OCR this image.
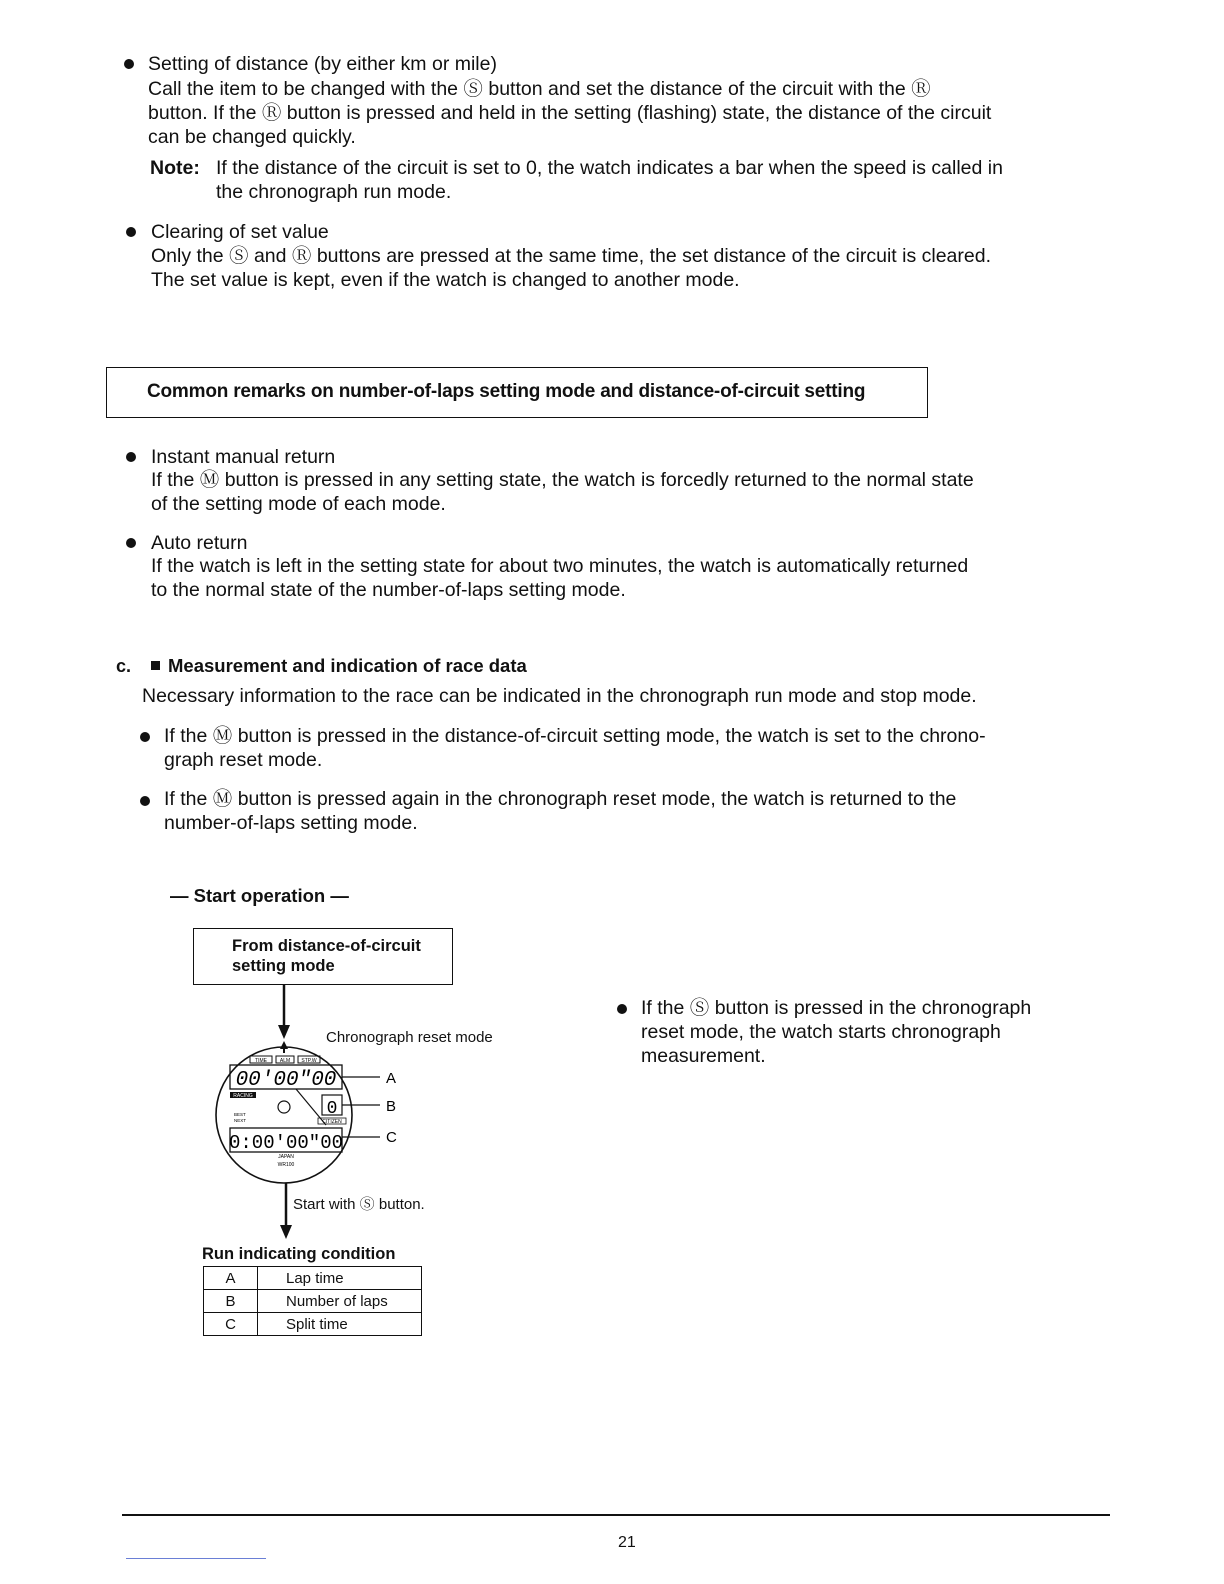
Setting of distance (by either km or mile)
Call the item to be changed with the Ⓢ button and set the distance of the circuit with the Ⓡ
button. If the Ⓡ button is pressed and held in the setting (flashing) state, the distance of the circuit
can be changed quickly.
Note: If the distance of the circuit is set to 0, the watch indicates a bar when the speed is called in
the chronograph run mode.
Clearing of set value
Only the Ⓢ and Ⓡ buttons are pressed at the same time, the set distance of the circuit is cleared.
The set value is kept, even if the watch is changed to another mode.
Common remarks on number-of-laps setting mode and distance-of-circuit setting
Instant manual return
If the Ⓜ button is pressed in any setting state, the watch is forcedly returned to the normal state
of the setting mode of each mode.
Auto return
If the watch is left in the setting state for about two minutes, the watch is automatically returned
to the normal state of the number-of-laps setting mode.
c. Measurement and indication of race data
Necessary information to the race can be indicated in the chronograph run mode and stop mode.
If the Ⓜ button is pressed in the distance-of-circuit setting mode, the watch is set to the chrono-
graph reset mode.
If the Ⓜ button is pressed again in the chronograph reset mode, the watch is returned to the
number-of-laps setting mode.
— Start operation —
From distance-of-circuit
setting mode
TIME	ALM STP.W
00'00"00
RACING
0
CITIZEN
BEST
NEXT
0:00'00"00
JAPAN
WR100
A
B
C
Chronograph reset mode
Start with Ⓢ button.
If the Ⓢ button is pressed in the chronograph
reset mode, the watch starts chronograph
measurement.
Run indicating condition
A	Lap time
B	Number of laps
C	Split time
21
